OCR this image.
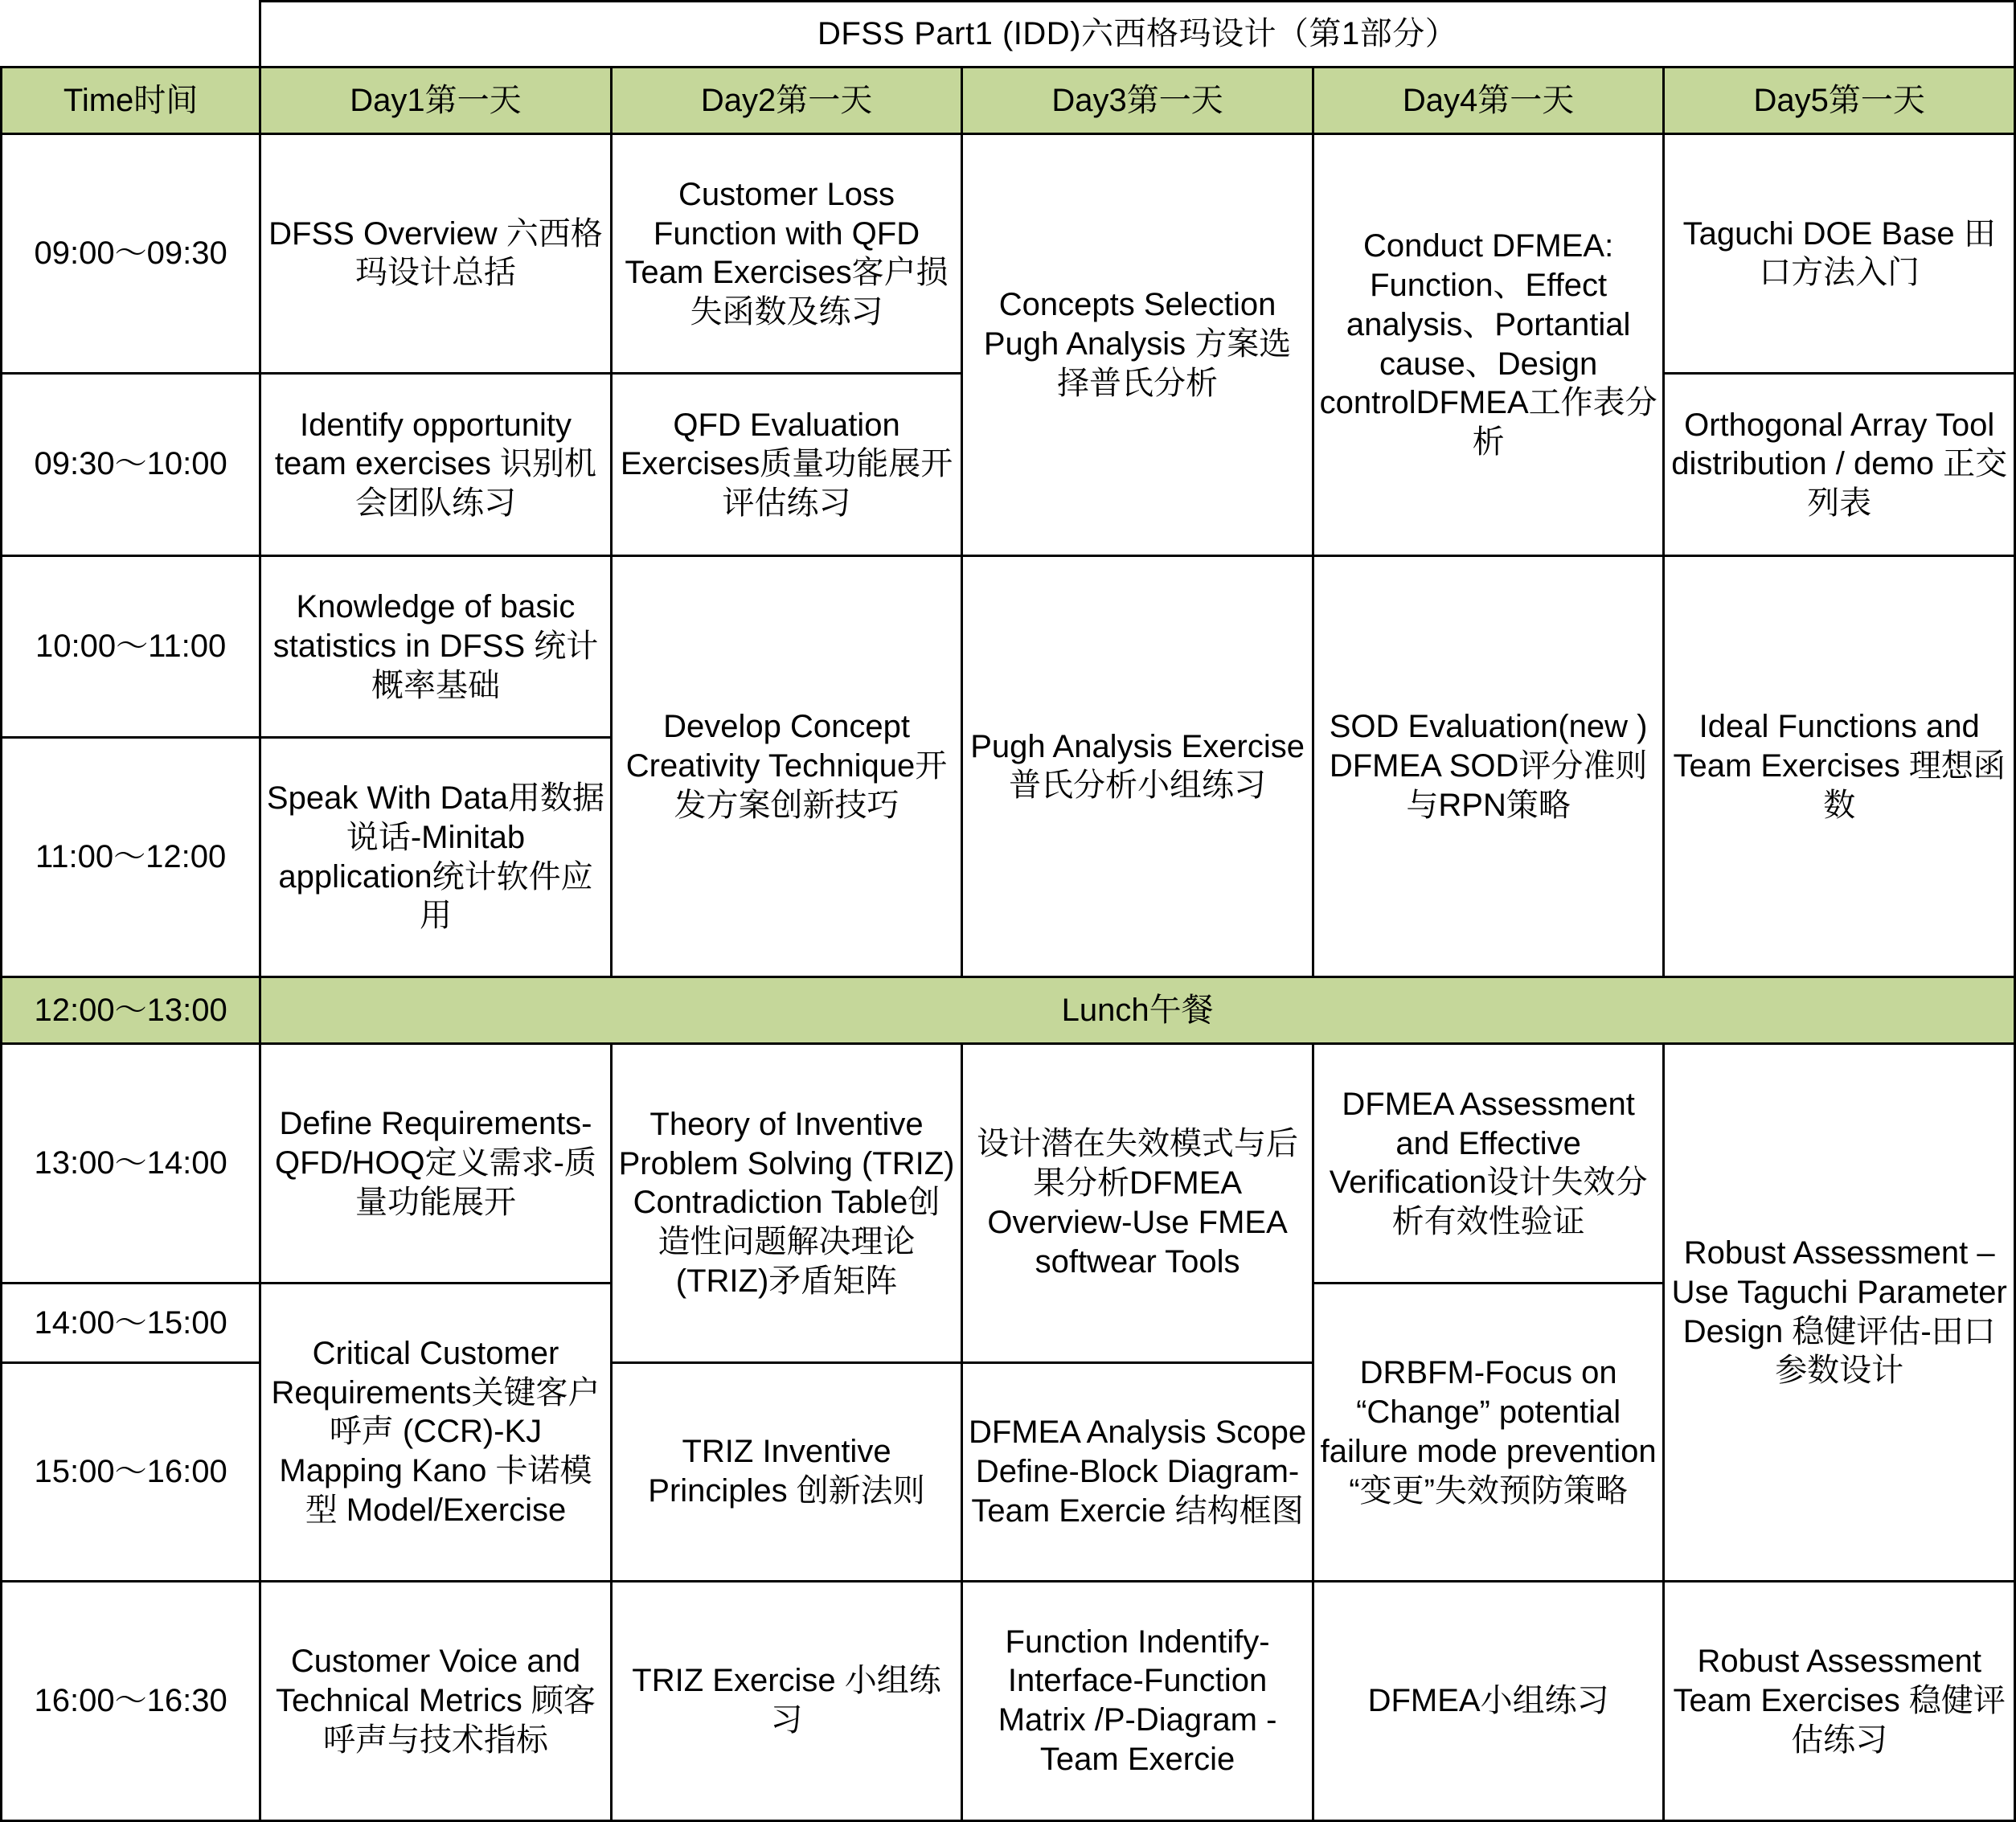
	DFSS Part1 (IDD)六西格玛设计（第1部分）				
Time时间	Day1第一天	Day2第一天	Day3第一天	Day4第一天	Day5第一天
09:00～09:30	DFSS Overview 六西格玛设计总括	Customer Loss Function with QFD Team Exercises客户损失函数及练习	Concepts Selection Pugh Analysis 方案选择普氏分析	Conduct DFMEA: Function、Effect analysis、Portantial cause、Design controlDFMEA工作表分析	Taguchi DOE Base 田口方法入门
09:30～10:00	Identify opportunity team exercises 识别机会团队练习	QFD Evaluation Exercises质量功能展开评估练习			Orthogonal Array Tool distribution / demo 正交列表
10:00～11:00	Knowledge of basic statistics in DFSS 统计概率基础	Develop Concept Creativity Technique开发方案创新技巧	Pugh Analysis Exercise 普氏分析小组练习	SOD Evaluation(new ) DFMEA SOD评分准则与RPN策略	Ideal Functions and Team Exercises 理想函数
11:00～12:00	Speak With Data用数据说话-Minitab application统计软件应用				
12:00～13:00	Lunch午餐				
13:00～14:00	Define Requirements-QFD/HOQ定义需求-质量功能展开	Theory of Inventive Problem Solving (TRIZ) Contradiction Table创造性问题解决理论(TRIZ)矛盾矩阵	设计潜在失效模式与后果分析DFMEA Overview-Use FMEA softwear Tools	DFMEA Assessment and Effective Verification设计失效分析有效性验证	Robust Assessment –Use Taguchi Parameter Design 稳健评估-田口参数设计
14:00～15:00	Critical Customer Requirements关键客户呼声 (CCR)-KJ Mapping Kano 卡诺模型 Model/Exercise			DRBFM-Focus on “Change” potential failure mode prevention “变更”失效预防策略	
15:00～16:00		TRIZ Inventive Principles 创新法则	DFMEA Analysis Scope Define-Block Diagram-Team Exercie 结构框图		
16:00～16:30	Customer Voice and Technical Metrics 顾客呼声与技术指标	TRIZ Exercise 小组练习	Function Indentify-Interface-Function Matrix /P-Diagram -Team Exercie	DFMEA小组练习	Robust Assessment Team Exercises 稳健评估练习
